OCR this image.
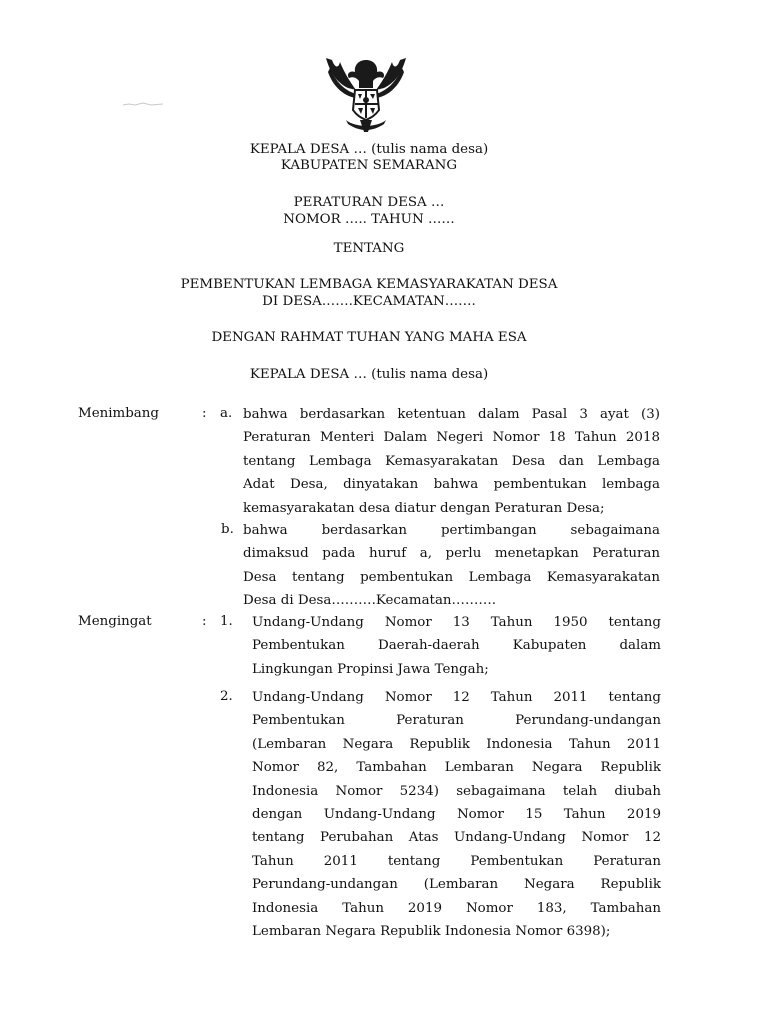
KEPALA DESA … (tulis nama desa)
KABUPATEN SEMARANG
PERATURAN DESA …
NOMOR ….. TAHUN ……
TENTANG
PEMBENTUKAN LEMBAGA KEMASYARAKATAN DESA
DI DESA…….KECAMATAN…….
DENGAN RAHMAT TUHAN YANG MAHA ESA
KEPALA DESA … (tulis nama desa)
Menimbang	: a. bahwa berdasarkan ketentuan dalam Pasal 3 ayat (3)
Peraturan Menteri Dalam Negeri Nomor 18 Tahun 2018
tentang Lembaga Kemasyarakatan Desa dan Lembaga
Adat Desa, dinyatakan bahwa pembentukan lembaga
kemasyarakatan desa diatur dengan Peraturan Desa;
b. bahwa berdasarkan pertimbangan sebagaimana
dimaksud pada huruf a, perlu menetapkan Peraturan
Desa tentang pembentukan Lembaga Kemasyarakatan
Desa di Desa……….Kecamatan……….
Mengingat	: 1. Undang-Undang Nomor 13 Tahun 1950 tentang
Pembentukan Daerah-daerah Kabupaten dalam
Lingkungan Propinsi Jawa Tengah;
2. Undang-Undang Nomor 12 Tahun 2011 tentang
Pembentukan Peraturan Perundang-undangan
(Lembaran Negara Republik Indonesia Tahun 2011
Nomor 82, Tambahan Lembaran Negara Republik
Indonesia Nomor 5234) sebagaimana telah diubah
dengan Undang-Undang Nomor 15 Tahun 2019
tentang Perubahan Atas Undang-Undang Nomor 12
Tahun 2011 tentang Pembentukan Peraturan
Perundang-undangan (Lembaran Negara Republik
Indonesia Tahun 2019 Nomor 183, Tambahan
Lembaran Negara Republik Indonesia Nomor 6398);
